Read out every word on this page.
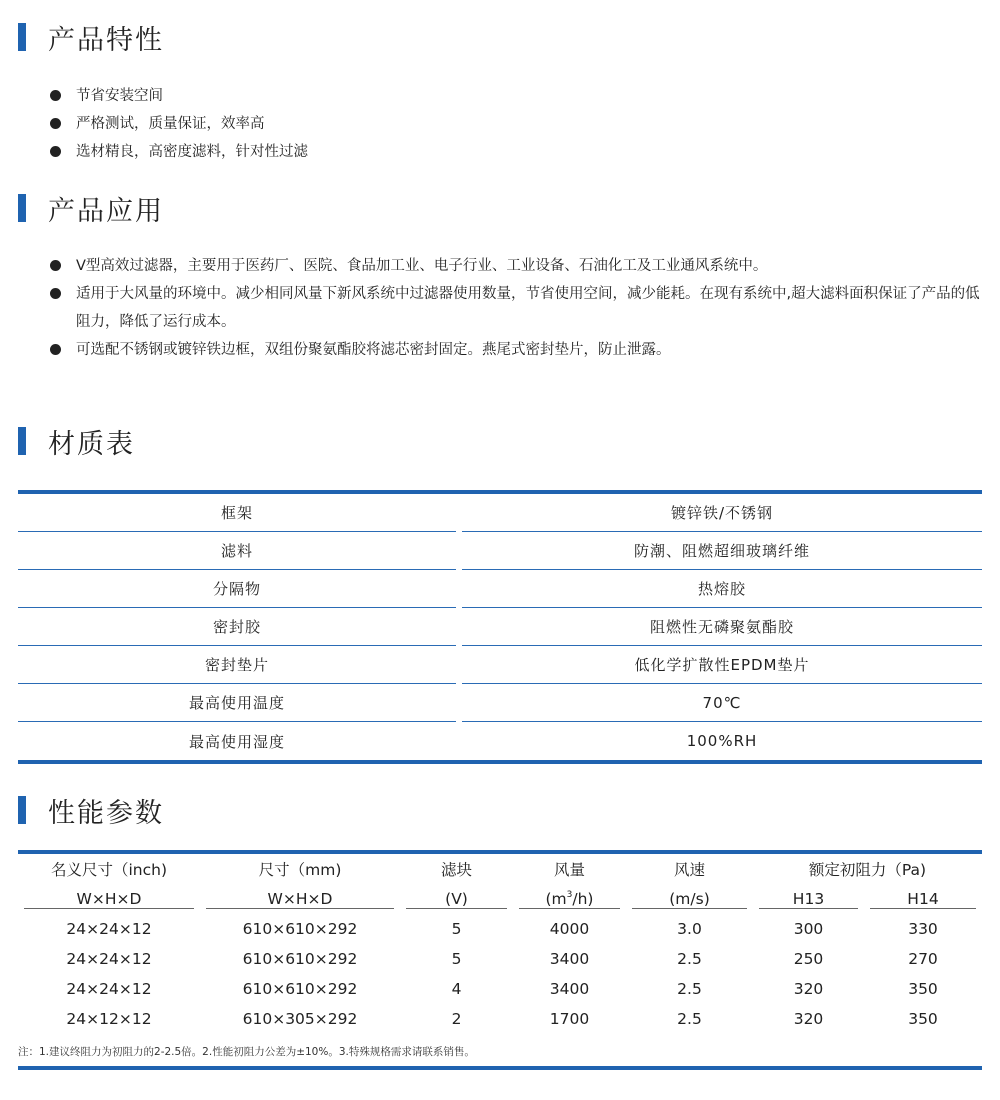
产品特性
节省安装空间
严格测试，质量保证，效率高
选材精良，高密度滤料，针对性过滤
产品应用
V型高效过滤器，主要用于医药厂、医院、食品加工业、电子行业、工业设备、石油化工及工业通风系统中。
适用于大风量的环境中。减少相同风量下新风系统中过滤器使用数量，节省使用空间，减少能耗。在现有系统中,超大滤料面积保证了产品的低阻力，降低了运行成本。
可选配不锈钢或镀锌铁边框，双组份聚氨酯胶将滤芯密封固定。燕尾式密封垫片，防止泄露。
材质表
框架	镀锌铁/不锈钢
滤料	防潮、阻燃超细玻璃纤维
分隔物	热熔胶
密封胶	阻燃性无磷聚氨酯胶
密封垫片	低化学扩散性EPDM垫片
最高使用温度	70℃
最高使用湿度	100%RH
性能参数
名义尺寸（inch)	尺寸（mm)	滤块	风量	风速	额定初阻力（Pa)
W×H×D	W×H×D	(V)	(m 3 /h)	(m/s)	H13	H14
24×24×12	610×610×292	5	4000	3.0	300	330
24×24×12	610×610×292	5	3400	2.5	250	270
24×24×12	610×610×292	4	3400	2.5	320	350
24×12×12	610×305×292	2	1700	2.5	320	350
注：1.建议终阻力为初阻力的2-2.5倍。2.性能初阻力公差为±10%。3.特殊规格需求请联系销售。
